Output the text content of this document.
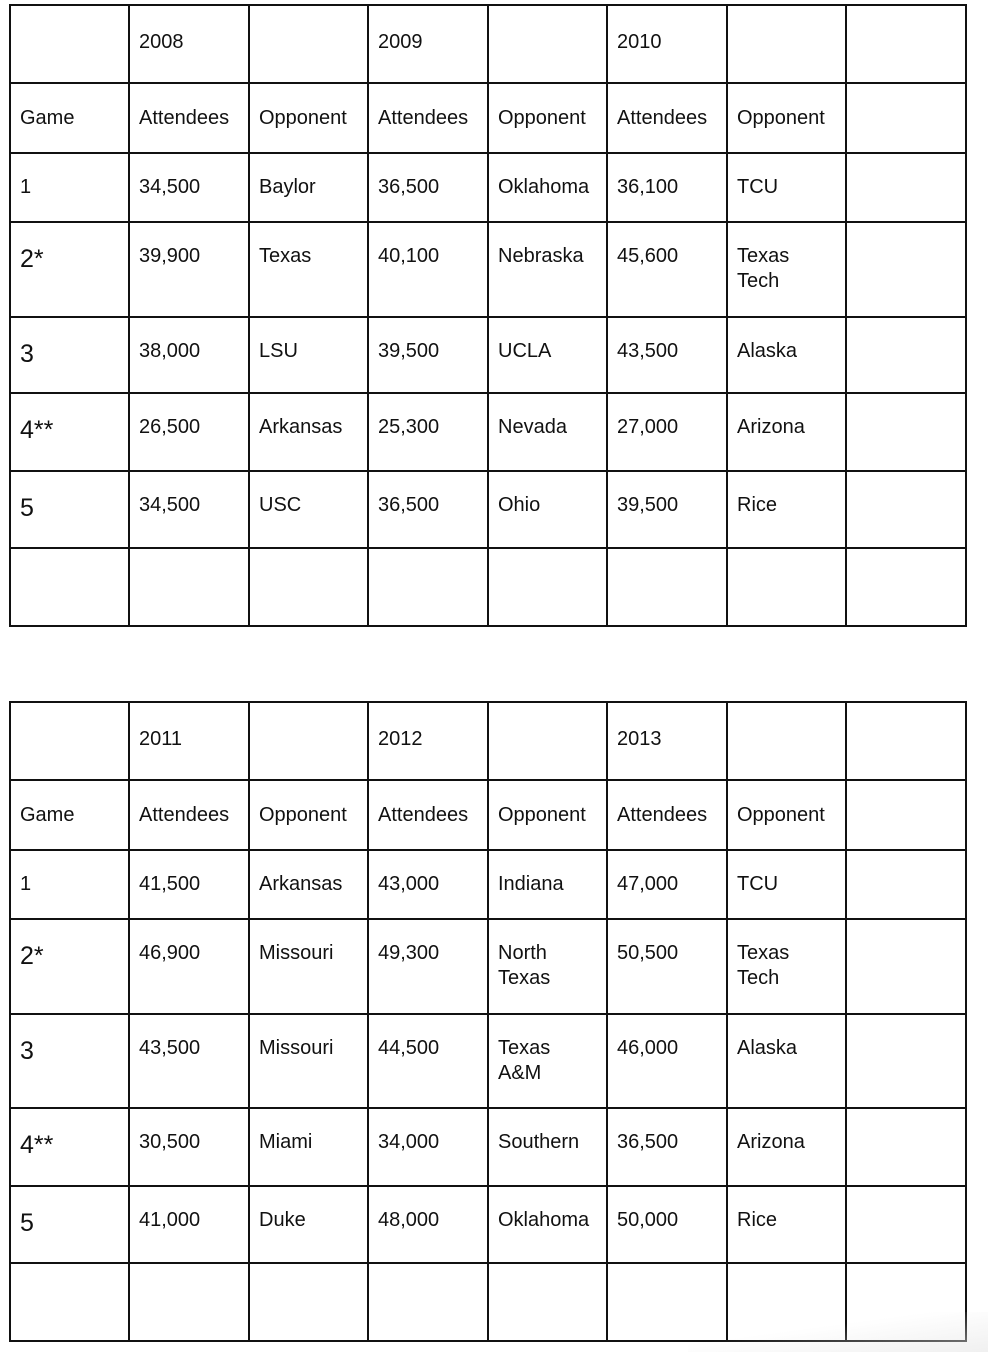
	2008		2009		2010		
Game	Attendees	Opponent	Attendees	Opponent	Attendees	Opponent	

1	34,500	Baylor	36,500	Oklahoma	36,100	TCU	

2*	39,900	Texas	40,100	Nebraska	45,600	Texas Tech	

3	38,000	LSU	39,500	UCLA	43,500	Alaska	

4**	26,500	Arkansas	25,300	Nevada	27,000	Arizona	

5	34,500	USC	36,500	Ohio	39,500	Rice	

	2011		2012		2013		
Game	Attendees	Opponent	Attendees	Opponent	Attendees	Opponent	

1	41,500	Arkansas	43,000	Indiana	47,000	TCU	

2*	46,900	Missouri	49,300	North Texas	50,500	Texas Tech	

3	43,500	Missouri	44,500	Texas A&M	46,000	Alaska	

4**	30,500	Miami	34,000	Southern	36,500	Arizona	

5	41,000	Duke	48,000	Oklahoma	50,000	Rice	
